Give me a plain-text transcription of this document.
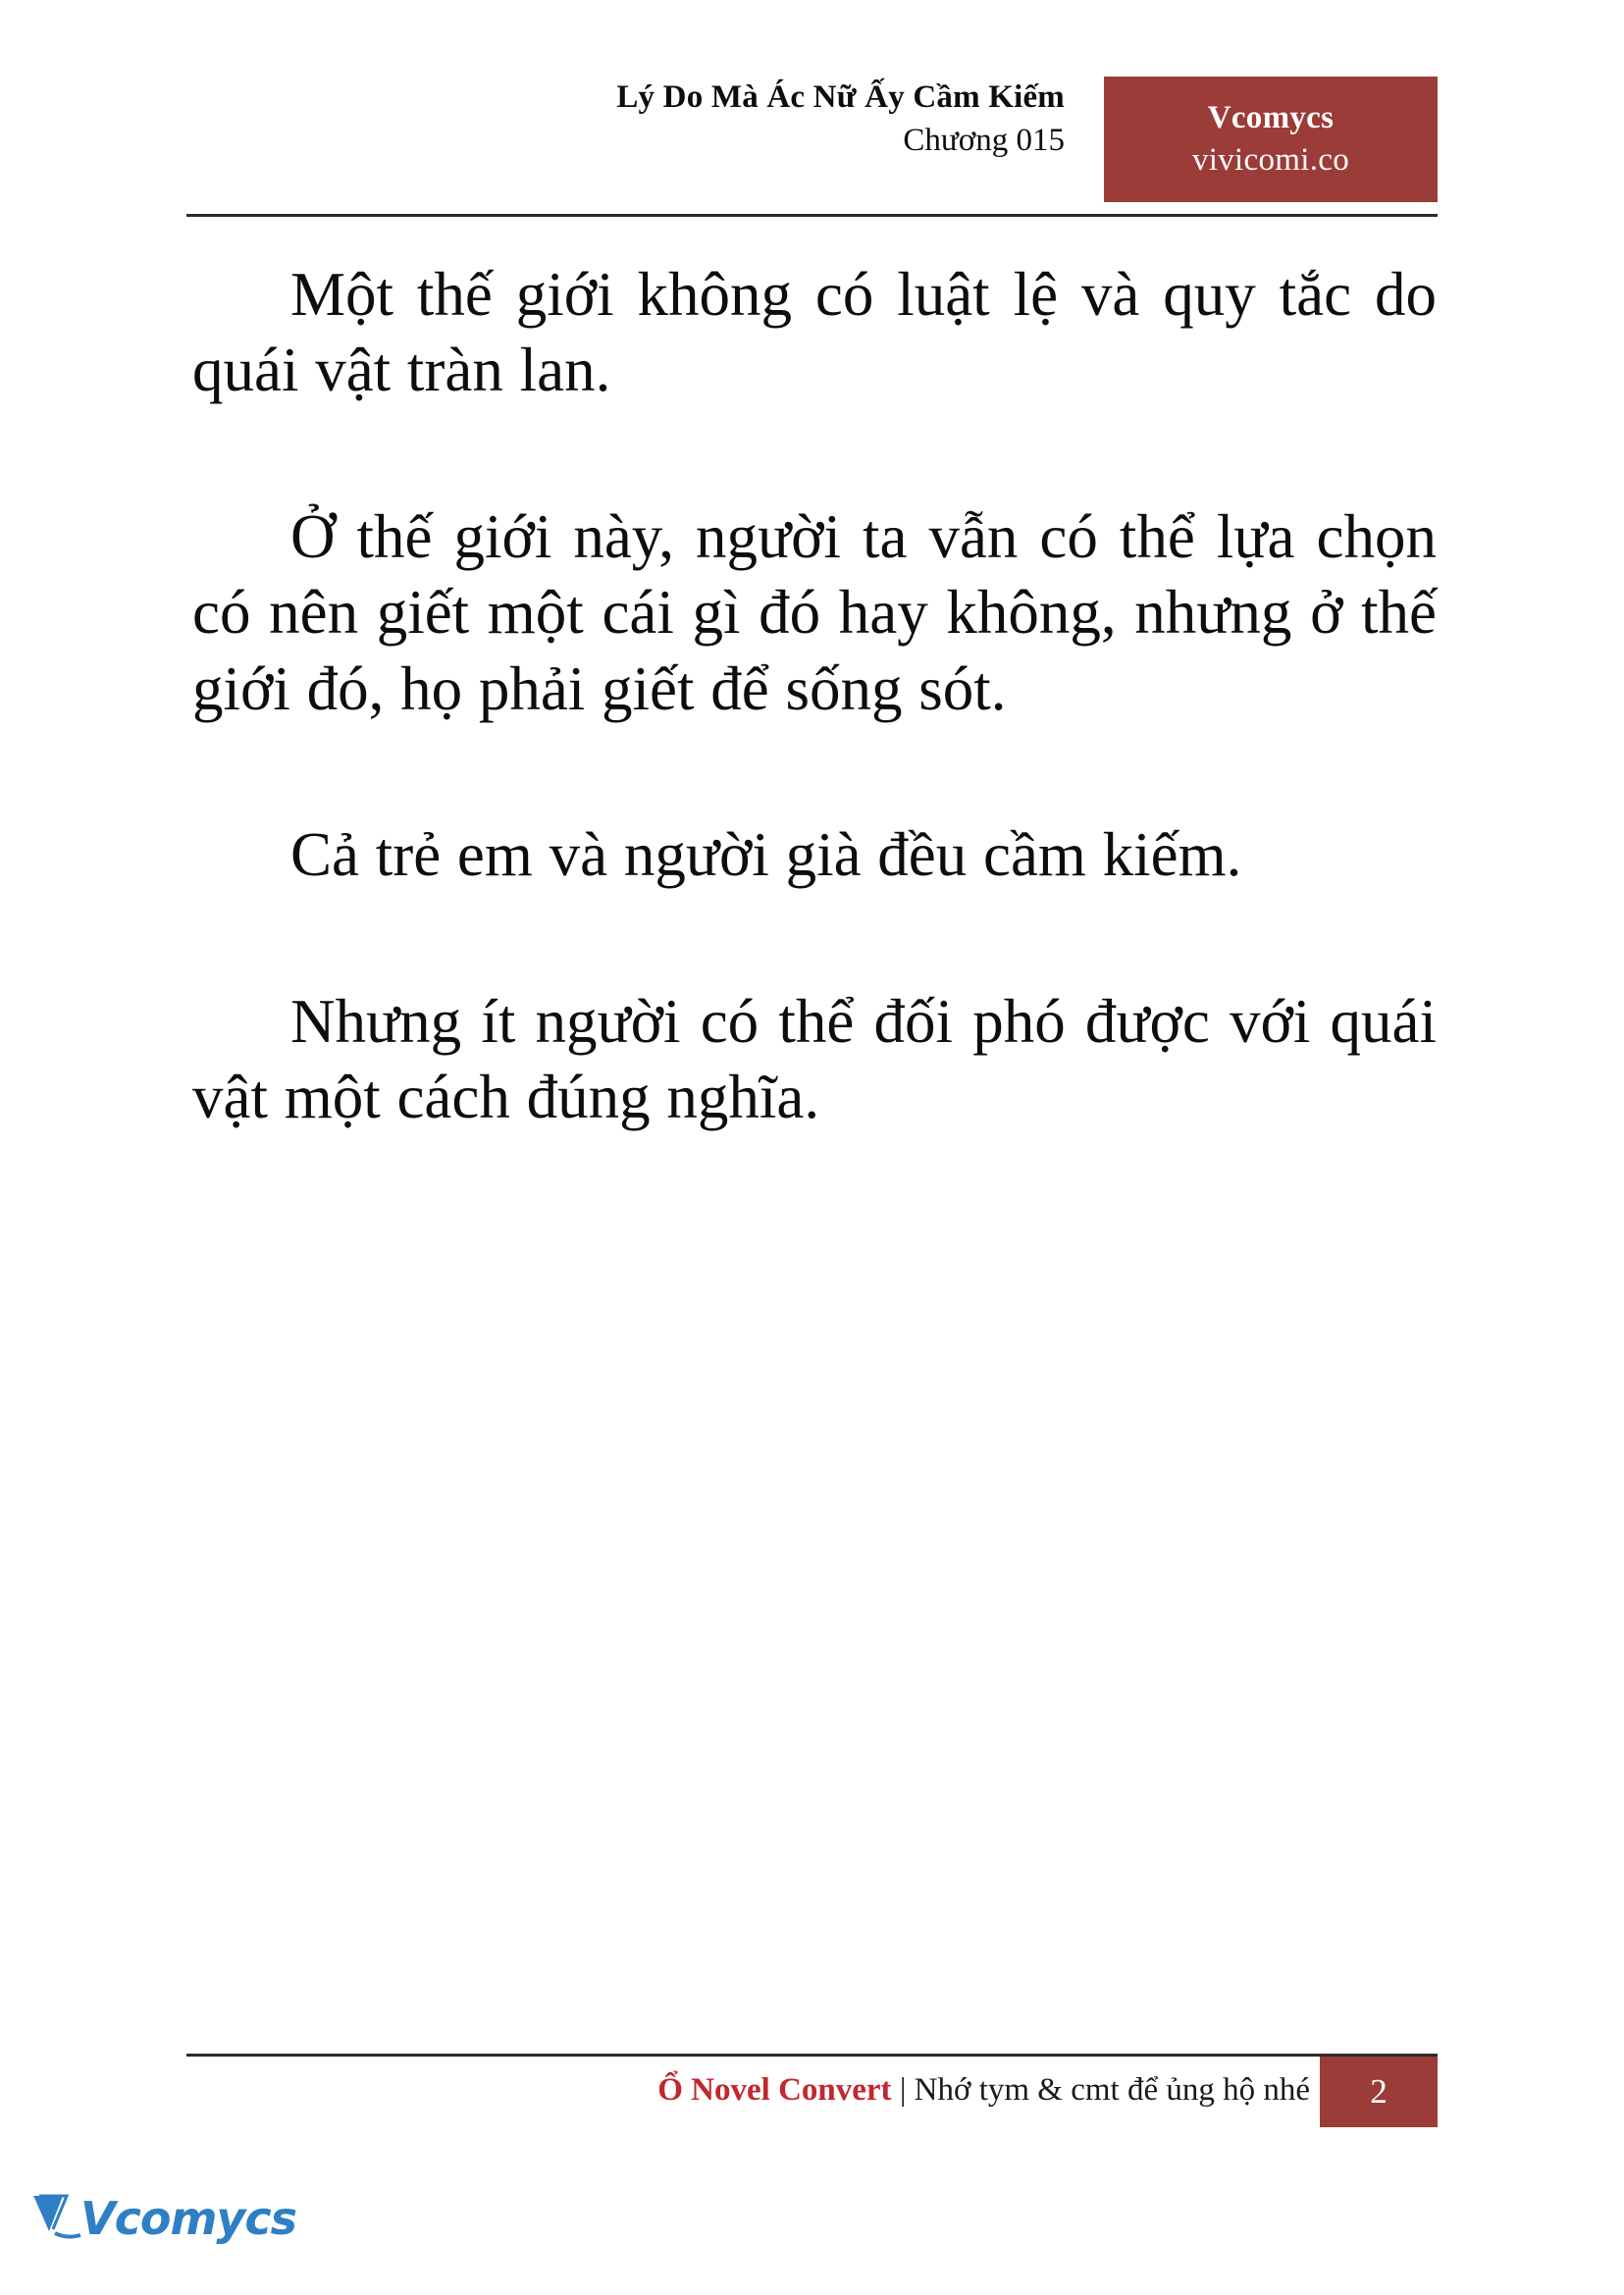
Lý Do Mà Ác Nữ Ấy Cầm Kiếm
Chương 015
Vcomycs
vivicomi.co

Một thế giới không có luật lệ và quy tắc do quái vật tràn lan.

Ở thế giới này, người ta vẫn có thể lựa chọn có nên giết một cái gì đó hay không, nhưng ở thế giới đó, họ phải giết để sống sót.

Cả trẻ em và người già đều cầm kiếm.

Nhưng ít người có thể đối phó được với quái vật một cách đúng nghĩa.

Ổ Novel Convert | Nhớ tym & cmt để ủng hộ nhé	2
Vcomycs
